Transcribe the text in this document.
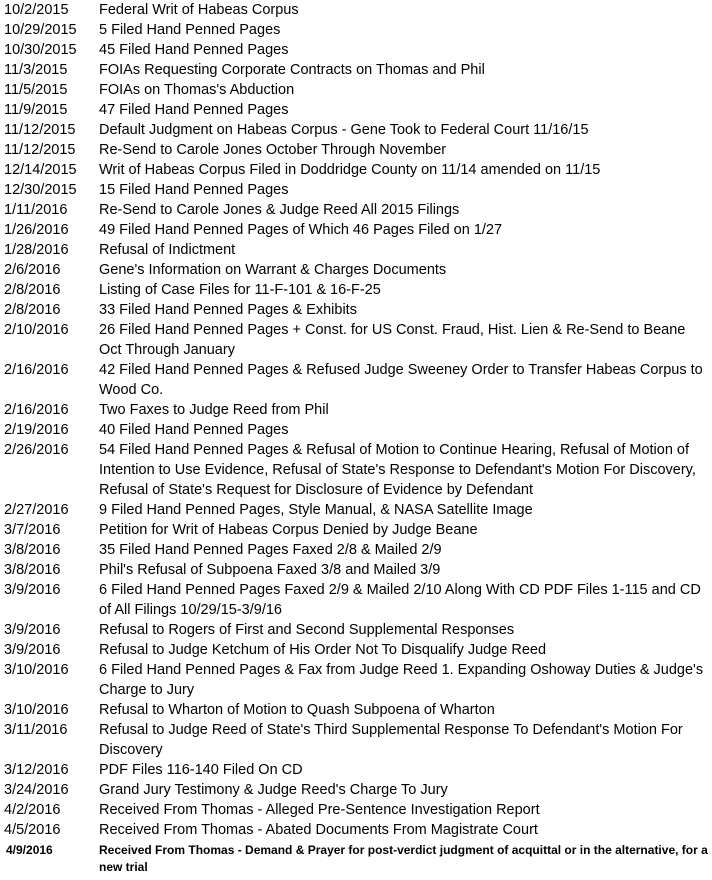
10/2/2015	Federal Writ of Habeas Corpus
10/29/2015	5 Filed Hand Penned Pages
10/30/2015	45 Filed Hand Penned Pages
11/3/2015	FOIAs Requesting Corporate Contracts on Thomas and Phil
11/5/2015	FOIAs on Thomas's Abduction
11/9/2015	47 Filed Hand Penned Pages
11/12/2015	Default Judgment on Habeas Corpus - Gene Took to Federal Court 11/16/15
11/12/2015	Re-Send to Carole Jones October Through November
12/14/2015	Writ of Habeas Corpus Filed in Doddridge County on 11/14 amended on 11/15
12/30/2015	15 Filed Hand Penned Pages
1/11/2016	Re-Send to Carole Jones & Judge Reed All 2015 Filings
1/26/2016	49 Filed Hand Penned Pages of Which 46 Pages Filed on 1/27
1/28/2016	Refusal of Indictment
2/6/2016	Gene's Information on Warrant & Charges Documents
2/8/2016	Listing of Case Files for 11-F-101 & 16-F-25
2/8/2016	33 Filed Hand Penned Pages & Exhibits
2/10/2016	26 Filed Hand Penned Pages + Const. for US Const. Fraud, Hist. Lien & Re-Send to Beane Oct Through January
2/16/2016	42 Filed Hand Penned Pages & Refused Judge Sweeney Order to Transfer Habeas Corpus to Wood Co.
2/16/2016	Two Faxes to Judge Reed from Phil
2/19/2016	40 Filed Hand Penned Pages
2/26/2016	54 Filed Hand Penned Pages & Refusal of Motion to Continue Hearing, Refusal of Motion of Intention to Use Evidence, Refusal of State's Response to Defendant's Motion For Discovery, Refusal of State's Request for Disclosure of Evidence by Defendant
2/27/2016	9 Filed Hand Penned Pages, Style Manual, & NASA Satellite Image
3/7/2016	Petition for Writ of Habeas Corpus Denied by Judge Beane
3/8/2016	35 Filed Hand Penned Pages Faxed 2/8 & Mailed 2/9
3/8/2016	Phil's Refusal of Subpoena Faxed 3/8 and Mailed 3/9
3/9/2016	6 Filed Hand Penned Pages Faxed 2/9 & Mailed 2/10 Along With CD PDF Files 1-115 and CD of All Filings 10/29/15-3/9/16
3/9/2016	Refusal to Rogers of First and Second Supplemental Responses
3/9/2016	Refusal to Judge Ketchum of His Order Not To Disqualify Judge Reed
3/10/2016	6 Filed Hand Penned Pages & Fax from Judge Reed 1. Expanding Oshoway Duties & Judge's Charge to Jury
3/10/2016	Refusal to Wharton of Motion to Quash Subpoena of Wharton
3/11/2016	Refusal to Judge Reed of State's Third Supplemental Response To Defendant's Motion For Discovery
3/12/2016	PDF Files 116-140 Filed On CD
3/24/2016	Grand Jury Testimony & Judge Reed's Charge To Jury
4/2/2016	Received From Thomas - Alleged Pre-Sentence Investigation Report
4/5/2016	Received From Thomas - Abated Documents From Magistrate Court
4/9/2016	Received From Thomas - Demand & Prayer for post-verdict judgment of acquittal or in the alternative, for a new trial
